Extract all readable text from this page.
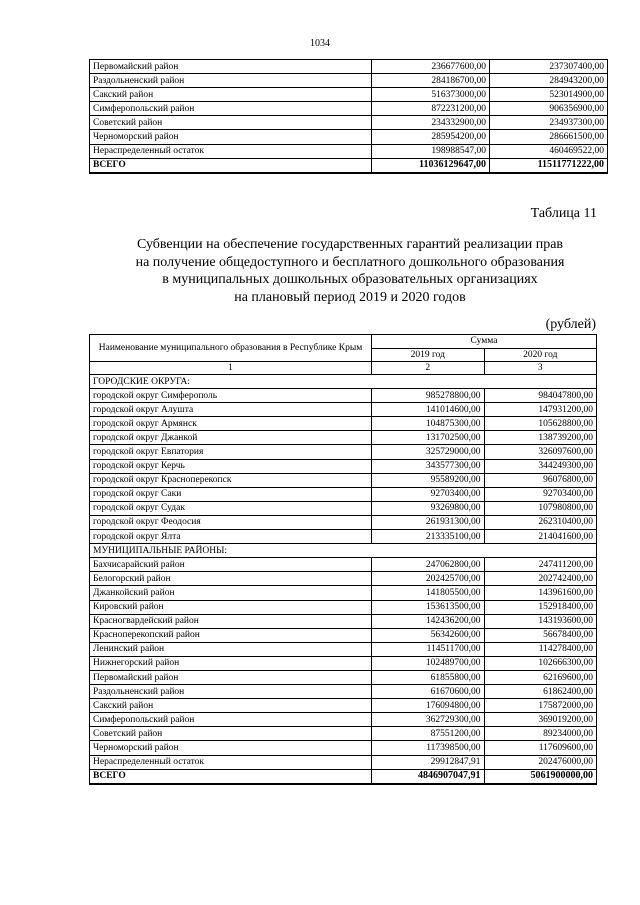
1034
Первомайский район	236677600,00	237307400,00
Раздольненский район	284186700,00	284943200,00
Сакский район	516373000,00	523014900,00
Симферопольский район	872231200,00	906356900,00
Советский район	234332900,00	234937300,00
Черноморский район	285954200,00	286661500,00
Нераспределенный остаток	198988547,00	460469522,00
ВСЕГО	11036129647,00	11511771222,00
Таблица 11
Субвенции на обеспечение государственных гарантий реализации прав
на получение общедоступного и бесплатного дошкольного образования
в муниципальных дошкольных образовательных организациях
на плановый период 2019 и 2020 годов
(рублей)
Наименование муниципального образования в Республике Крым	Сумма	
	2019 год	2020 год
1	2	3
ГОРОДСКИЕ ОКРУГА:		
городской округ Симферополь	985278800,00	984047800,00
городской округ Алушта	141014600,00	147931200,00
городской округ Армянск	104875300,00	105628800,00
городской округ Джанкой	131702500,00	138739200,00
городской округ Евпатория	325729000,00	326097600,00
городской округ Керчь	343577300,00	344249300,00
городской округ Красноперекопск	95589200,00	96076800,00
городской округ Саки	92703400,00	92703400,00
городской округ Судак	93269800,00	107980800,00
городской округ Феодосия	261931300,00	262310400,00
городской округ Ялта	213335100,00	214041600,00
МУНИЦИПАЛЬНЫЕ РАЙОНЫ:		
Бахчисарайский район	247062800,00	247411200,00
Белогорский район	202425700,00	202742400,00
Джанкойский район	141805500,00	143961600,00
Кировский район	153613500,00	152918400,00
Красногвардейский район	142436200,00	143193600,00
Красноперекопский район	56342600,00	56678400,00
Ленинский район	114511700,00	114278400,00
Нижнегорский район	102489700,00	102666300,00
Первомайский район	61855800,00	62169600,00
Раздольненский район	61670600,00	61862400,00
Сакский район	176094800,00	175872000,00
Симферопольский район	362729300,00	369019200,00
Советский район	87551200,00	89234000,00
Черноморский район	117398500,00	117609600,00
Нераспределенный остаток	29912847,91	202476000,00
ВСЕГО	4846907047,91	5061900000,00
